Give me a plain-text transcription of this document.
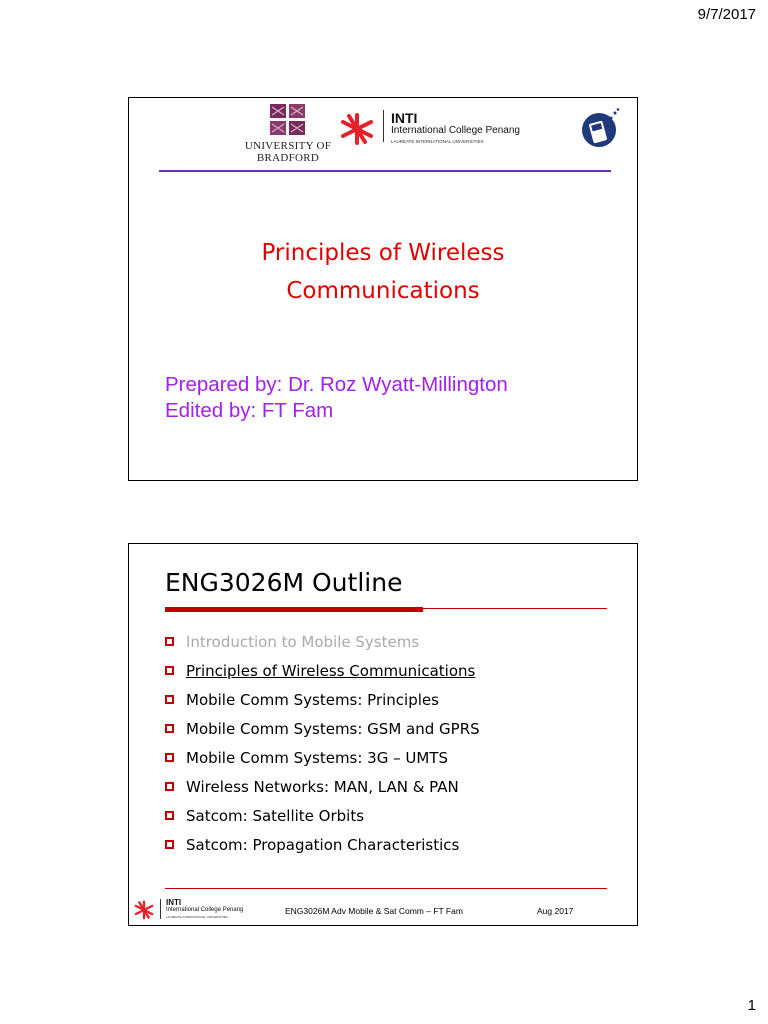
9/7/2017
UNIVERSITY OF
BRADFORD
INTI
International College Penang
LAUREATE INTERNATIONAL UNIVERSITIES
Principles of Wireless
Communications
Prepared by: Dr. Roz Wyatt-Millington
Edited by: FT Fam
ENG3026M Outline
Introduction to Mobile Systems
Principles of Wireless Communications
Mobile Comm Systems: Principles
Mobile Comm Systems: GSM and GPRS
Mobile Comm Systems: 3G – UMTS
Wireless Networks: MAN, LAN & PAN
Satcom: Satellite Orbits
Satcom: Propagation Characteristics
INTI
International College Penang
LAUREATE INTERNATIONAL UNIVERSITIES
ENG3026M Adv Mobile & Sat Comm – FT Fam	Aug 2017
1
